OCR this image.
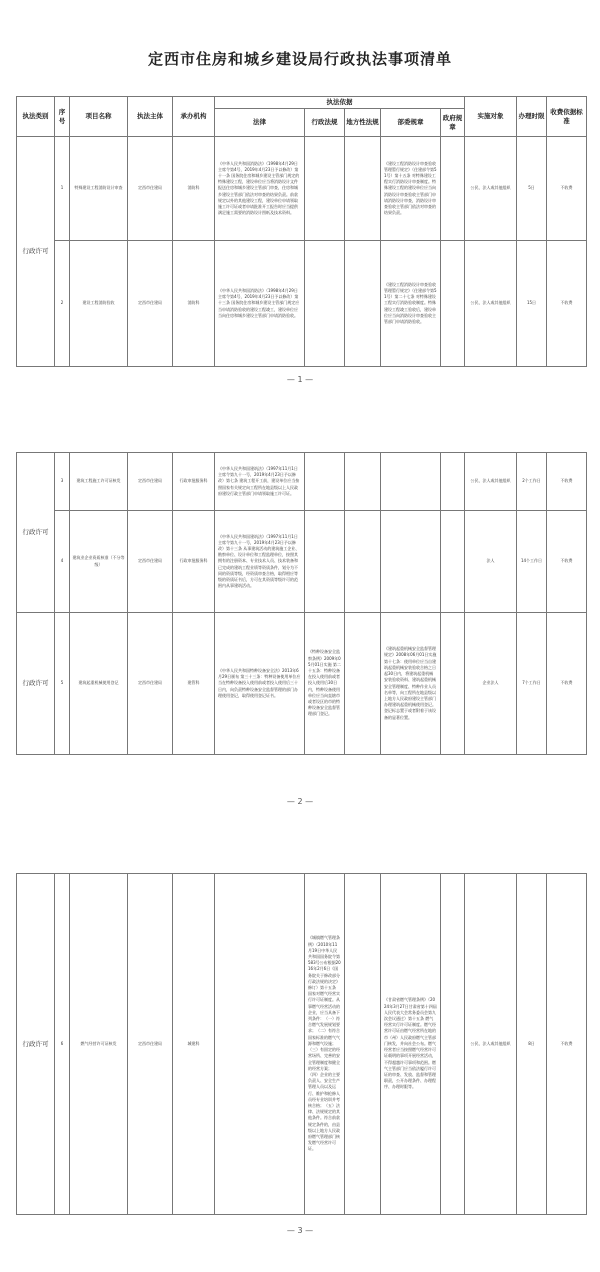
定西市住房和城乡建设局行政执法事项清单
执法类别	序号	项目名称	执法主体	承办机构	执法依据					实施对象	办理时限	收费依据标准
					法律	行政法规	地方性法规	部委规章	政府规章			
行政许可	1	特殊建设工程消防设计审查	定西市住建局	消防科	《中华人民共和国消防法》（1998年4月29日主席令第4号，2019年4月23日予以修改）第十一条 国务院住房和城乡建设主管部门规定的特殊建设工程，建设单位应当将消防设计文件报送住房和城乡建设主管部门审查，住房和城乡建设主管部门依法对审查的结果负责。前款规定以外的其他建设工程，建设单位申请领取施工许可证或者申请批准开工报告时应当提供满足施工需要的消防设计图纸及技术资料。			《建设工程消防设计审查验收管理暂行规定》（住建部令第51号）第十五条 对特殊建设工程实行消防设计审查制度。特殊建设工程的建设单位应当向消防设计审查验收主管部门申请消防设计审查，消防设计审查验收主管部门依法对审查的结果负责。		公民、法人或其他组织	5日	不收费
	2	建设工程消防验收	定西市住建局	消防科	《中华人民共和国消防法》（1998年4月29日主席令第4号，2019年4月23日予以修改）第十三条 国务院住房和城乡建设主管部门规定应当申请消防验收的建设工程竣工，建设单位应当向住房和城乡建设主管部门申请消防验收。			《建设工程消防设计审查验收管理暂行规定》（住建部令第51号）第二十七条 对特殊建设工程实行消防验收制度。特殊建设工程竣工验收后，建设单位应当向消防设计审查验收主管部门申请消防验收。		公民、法人或其他组织	15日	不收费
— 1 —
行政许可	3	建筑工程施工许可证核发	定西市住建局	行政审批服务科	《中华人民共和国建筑法》（1997年11月1日主席令第九十一号，2019年4月23日予以修改）第七条 建筑工程开工前，建设单位应当按照国家有关规定向工程所在地县级以上人民政府建设行政主管部门申请领取施工许可证。					公民、法人或其他组织	2个工作日	不收费
	4	建筑业企业资质核准（不分等级）	定西市住建局	行政审批服务科	《中华人民共和国建筑法》（1997年11月1日主席令第九十一号，2019年4月23日予以修改）第十三条 从事建筑活动的建筑施工企业、勘察单位、设计单位和工程监理单位，按照其拥有的注册资本、专业技术人员、技术装备和已完成的建筑工程业绩等资质条件，划分为不同的资质等级，经资质审查合格，取得相应等级的资质证书后，方可在其资质等级许可的范围内从事建筑活动。					法人	14个工作日	不收费
行政许可	5	建筑起重机械使用登记	定西市住建局	建管科	《中华人民共和国特种设备安全法》2013年6月29日颁布 第三十三条：特种设备使用单位应当在特种设备投入使用前或者投入使用后三十日内，向负责特种设备安全监督管理的部门办理使用登记，取得使用登记证书。	《特种设备安全监察条例》2009年05月01日实施 第二十五条：特种设备在投入使用前或者投入使用后30日内，特种设备使用单位应当向直辖市或者设区的市的特种设备安全监督管理部门登记。		《建筑起重机械安全监督管理规定》2008年06月01日实施 第十七条：使用单位应当自建筑起重机械安装验收合格之日起30日内，将建筑起重机械安装验收资料、建筑起重机械安全管理制度、特种作业人员名单等，向工程所在地县级以上地方人民政府建设主管部门办理建筑起重机械使用登记。登记标志置于或者附着于该设备的显著位置。		企业法人	7个工作日	不收费
— 2 —
行政许可	6	燃气经营许可证核发	定西市住建局	城建科		《城镇燃气管理条例》（2010年11月19日中华人民共和国国务院令第583号公布根据2016年2月6日《国务院关于修改部分行政法规的决定》修订）第十五条 国家对燃气经营实行许可证制度。从事燃气经营活动的企业，应当具备下列条件：（一）符合燃气发展规划要求；（二）有符合国家标准的燃气气源和燃气设施；（三）有固定的经营场所、完善的安全管理制度和健全的经营方案；（四）企业的主要负责人、安全生产管理人员以及运行、维护和抢修人员经专业培训并考核合格；（五）法律、法规规定的其他条件。符合前款规定条件的，由县级以上地方人民政府燃气管理部门核发燃气经营许可证。		《甘肃省燃气管理条例》（2024年3月27日甘肃省第十四届人民代表大会常务委员会第九次会议通过）第十五条 燃气经营实行许可证制度。燃气经营许可证由燃气经营所在地的市（州）人民政府燃气主管部门核发，并向社会公布。燃气经营者应当按照燃气经营许可证载明的事项开展经营活动，不得超越许可事项和范围。燃气主管部门应当依法履行许可证的审查、发放、监督和管理职责，公开办理条件、办理程序、办理时限等。		公民、法人或其他组织	8日	不收费
— 3 —
